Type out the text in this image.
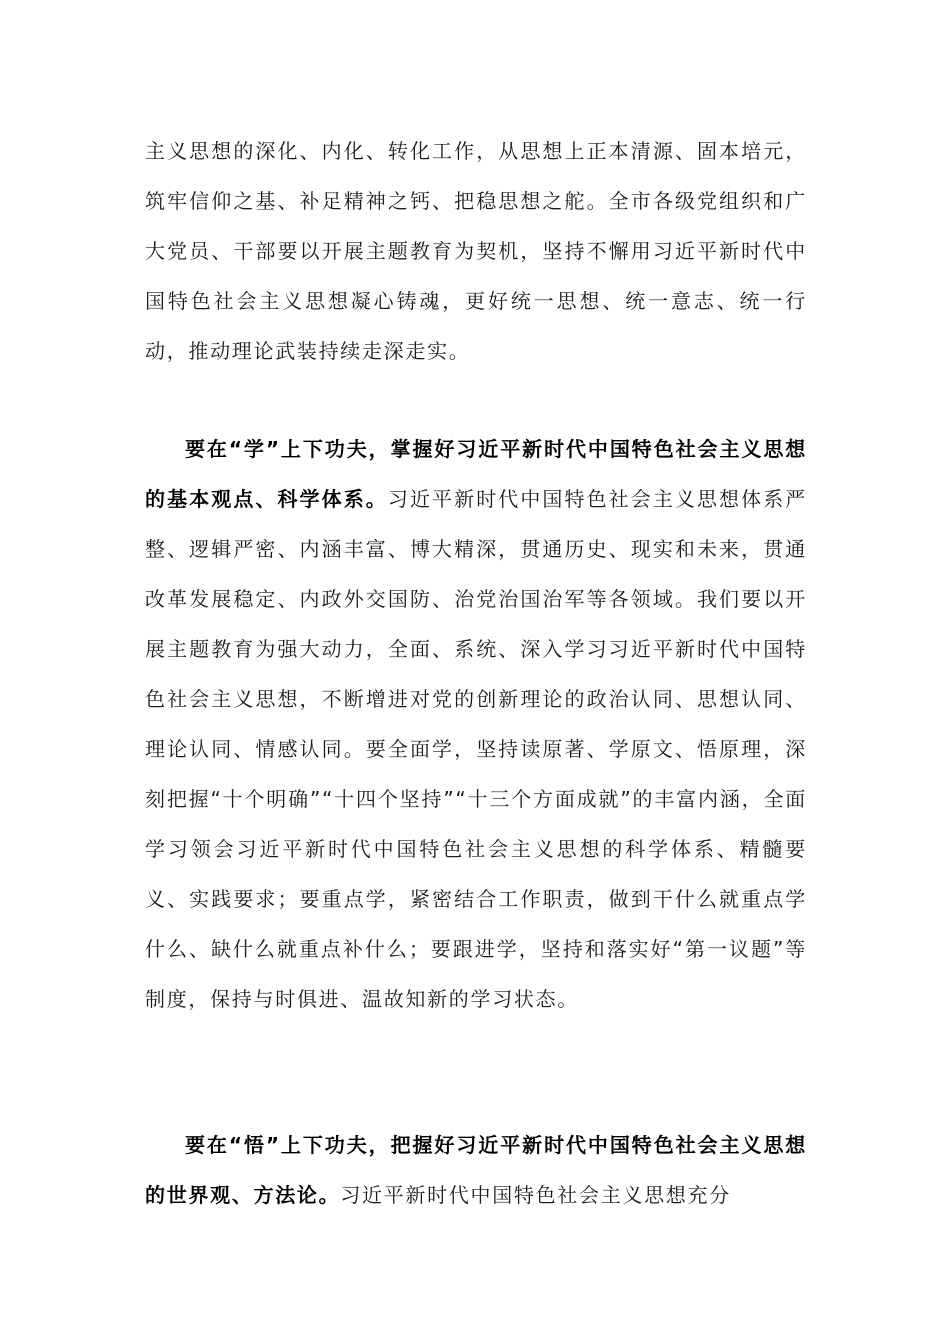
主义思想的深化、内化、转化工作，从思想上正本清源、固本培元，筑牢信仰之基、补足精神之钙、把稳思想之舵。全市各级党组织和广大党员、干部要以开展主题教育为契机，坚持不懈用习近平新时代中国特色社会主义思想凝心铸魂，更好统一思想、统一意志、统一行动，推动理论武装持续走深走实。

要在“学”上下功夫，掌握好习近平新时代中国特色社会主义思想的基本观点、科学体系。习近平新时代中国特色社会主义思想体系严整、逻辑严密、内涵丰富、博大精深，贯通历史、现实和未来，贯通改革发展稳定、内政外交国防、治党治国治军等各领域。我们要以开展主题教育为强大动力，全面、系统、深入学习习近平新时代中国特色社会主义思想，不断增进对党的创新理论的政治认同、思想认同、理论认同、情感认同。要全面学，坚持读原著、学原文、悟原理，深刻把握“十个明确”“十四个坚持”“十三个方面成就”的丰富内涵，全面学习领会习近平新时代中国特色社会主义思想的科学体系、精髓要义、实践要求；要重点学，紧密结合工作职责，做到干什么就重点学什么、缺什么就重点补什么；要跟进学，坚持和落实好“第一议题”等制度，保持与时俱进、温故知新的学习状态。

要在“悟”上下功夫，把握好习近平新时代中国特色社会主义思想的世界观、方法论。习近平新时代中国特色社会主义思想充分
